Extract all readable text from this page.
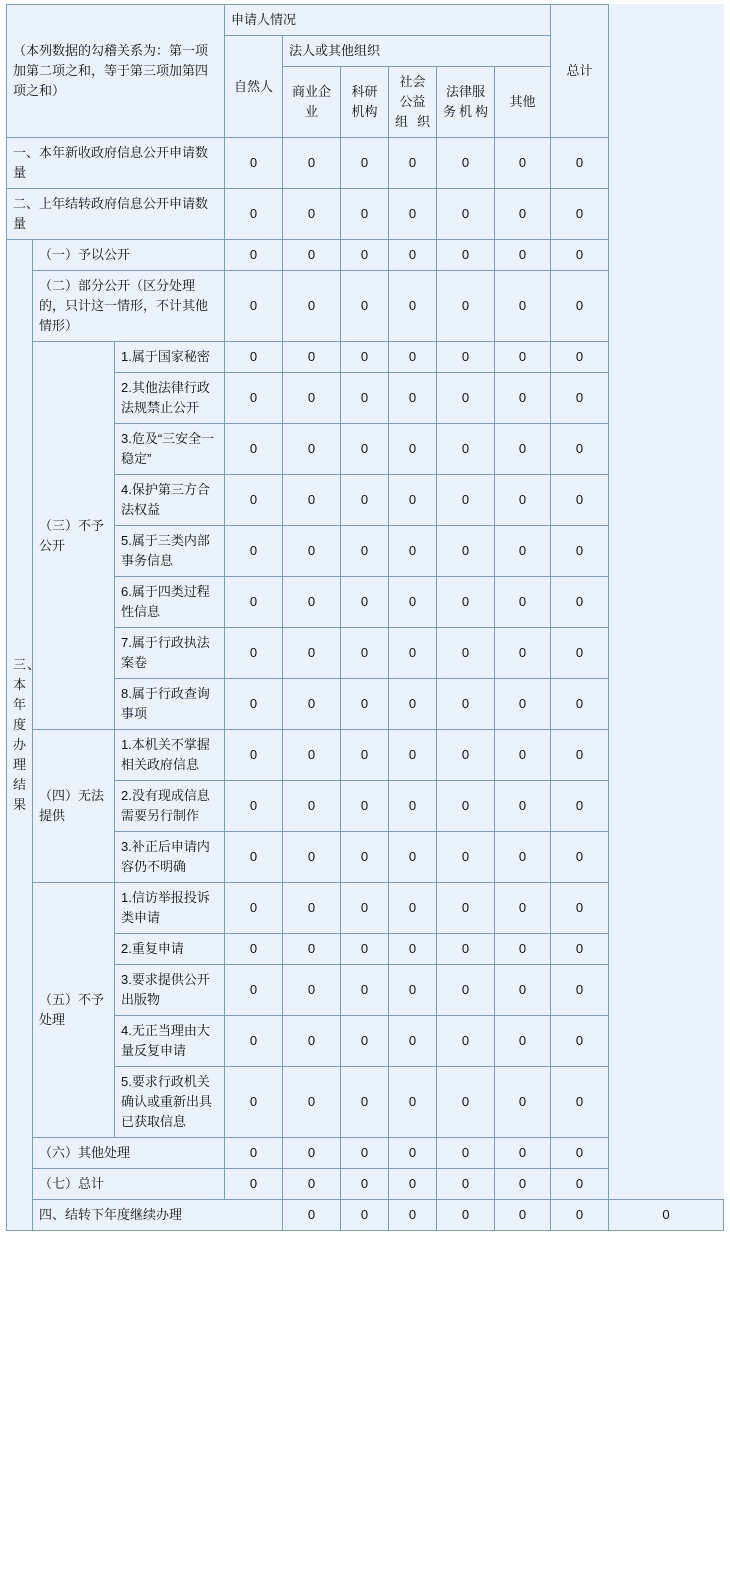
（本列数据的勾稽关系为：第一项加第二项之和，等于第三项加第四项之和）			申请人情况						总计	
			自然人	法人或其他组织						
				商业企业	科研机构	社会公益组织	法律服务机构	其他		
一、本年新收政府信息公开申请数量			0	0	0	0	0	0	0	
二、上年结转政府信息公开申请数量			0	0	0	0	0	0	0	
三、本年度办理结果	（一）予以公开		0	0	0	0	0	0	0	
	（二）部分公开（区分处理的，只计这一情形，不计其他情形）		0	0	0	0	0	0	0	
	（三）不予公开	1.属于国家秘密	0	0	0	0	0	0	0	
		2.其他法律行政法规禁止公开	0	0	0	0	0	0	0	
		3.危及“三安全一稳定”	0	0	0	0	0	0	0	
		4.保护第三方合法权益	0	0	0	0	0	0	0	
		5.属于三类内部事务信息	0	0	0	0	0	0	0	
		6.属于四类过程性信息	0	0	0	0	0	0	0	
		7.属于行政执法案卷	0	0	0	0	0	0	0	
		8.属于行政查询事项	0	0	0	0	0	0	0	
	（四）无法提供	1.本机关不掌握相关政府信息	0	0	0	0	0	0	0	
		2.没有现成信息需要另行制作	0	0	0	0	0	0	0	
		3.补正后申请内容仍不明确	0	0	0	0	0	0	0	
	（五）不予处理	1.信访举报投诉类申请	0	0	0	0	0	0	0	
		2.重复申请	0	0	0	0	0	0	0	
		3.要求提供公开出版物	0	0	0	0	0	0	0	
		4.无正当理由大量反复申请	0	0	0	0	0	0	0	
		5.要求行政机关确认或重新出具已获取信息	0	0	0	0	0	0	0	
	（六）其他处理		0	0	0	0	0	0	0	
	（七）总计		0	0	0	0	0	0	0	
	四、结转下年度继续办理			0	0	0	0	0	0	0
